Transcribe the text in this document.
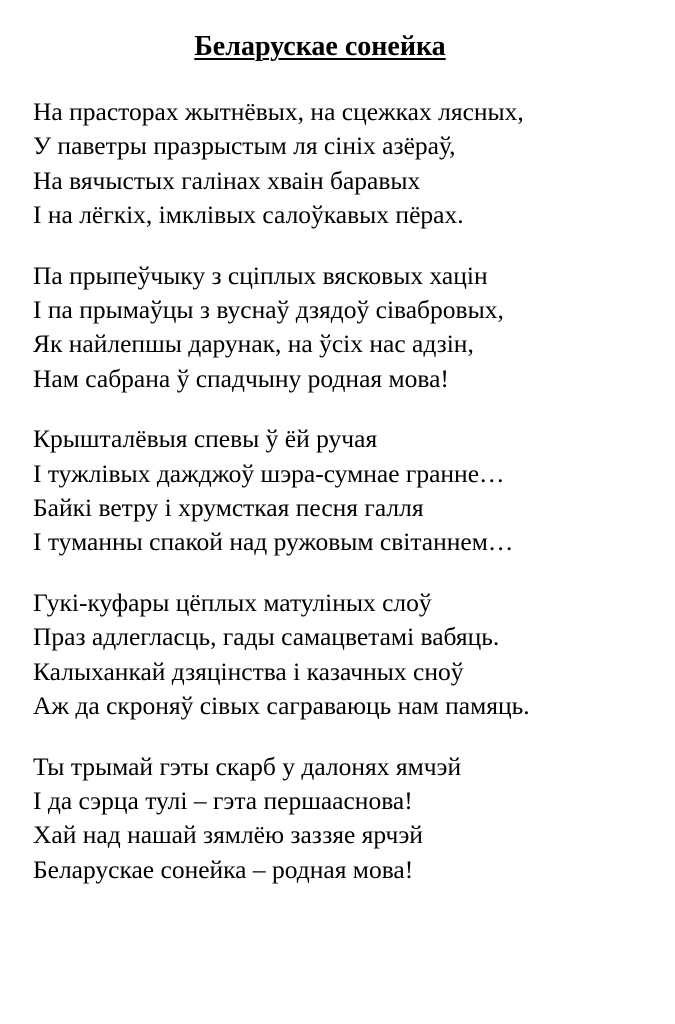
Беларускае сонейка

На пpастоpах жытнёвых, на сцежках лясных,
У паветры празрыстым ля сініх азёраў,
На вячыстых галінах хваін баравых
І на лёгкіх, імклівых салоўкавых пёрах.

Па прыпеўчыку з сціплых вясковых хацін
І па прымаўцы з вуснаў дзядоў сівабровых,
Як найлепшы дарунак, на ўсіх нас адзін,
Нам сабрана ў спадчыну родная мова!

Крышталёвыя спевы ў ёй ручая
І тужлівых дажджоў шэра-сумнае гранне…
Байкі ветру і хрумсткая песня галля
І туманны спакой над ружовым світаннем…

Гукі-куфары цёплых матуліных слоў
Праз адлегласць, гады самацветамі вабяць.
Калыханкай дзяцінства і казачных сноў
Аж да скроняў сівых саграваюць нам памяць.

Ты трымай гэты скарб у далонях ямчэй
І да сэрца тулі – гэта першааснова!
Хай над нашай зямлёю заззяе ярчэй
Беларускае сонейка – родная мова!
